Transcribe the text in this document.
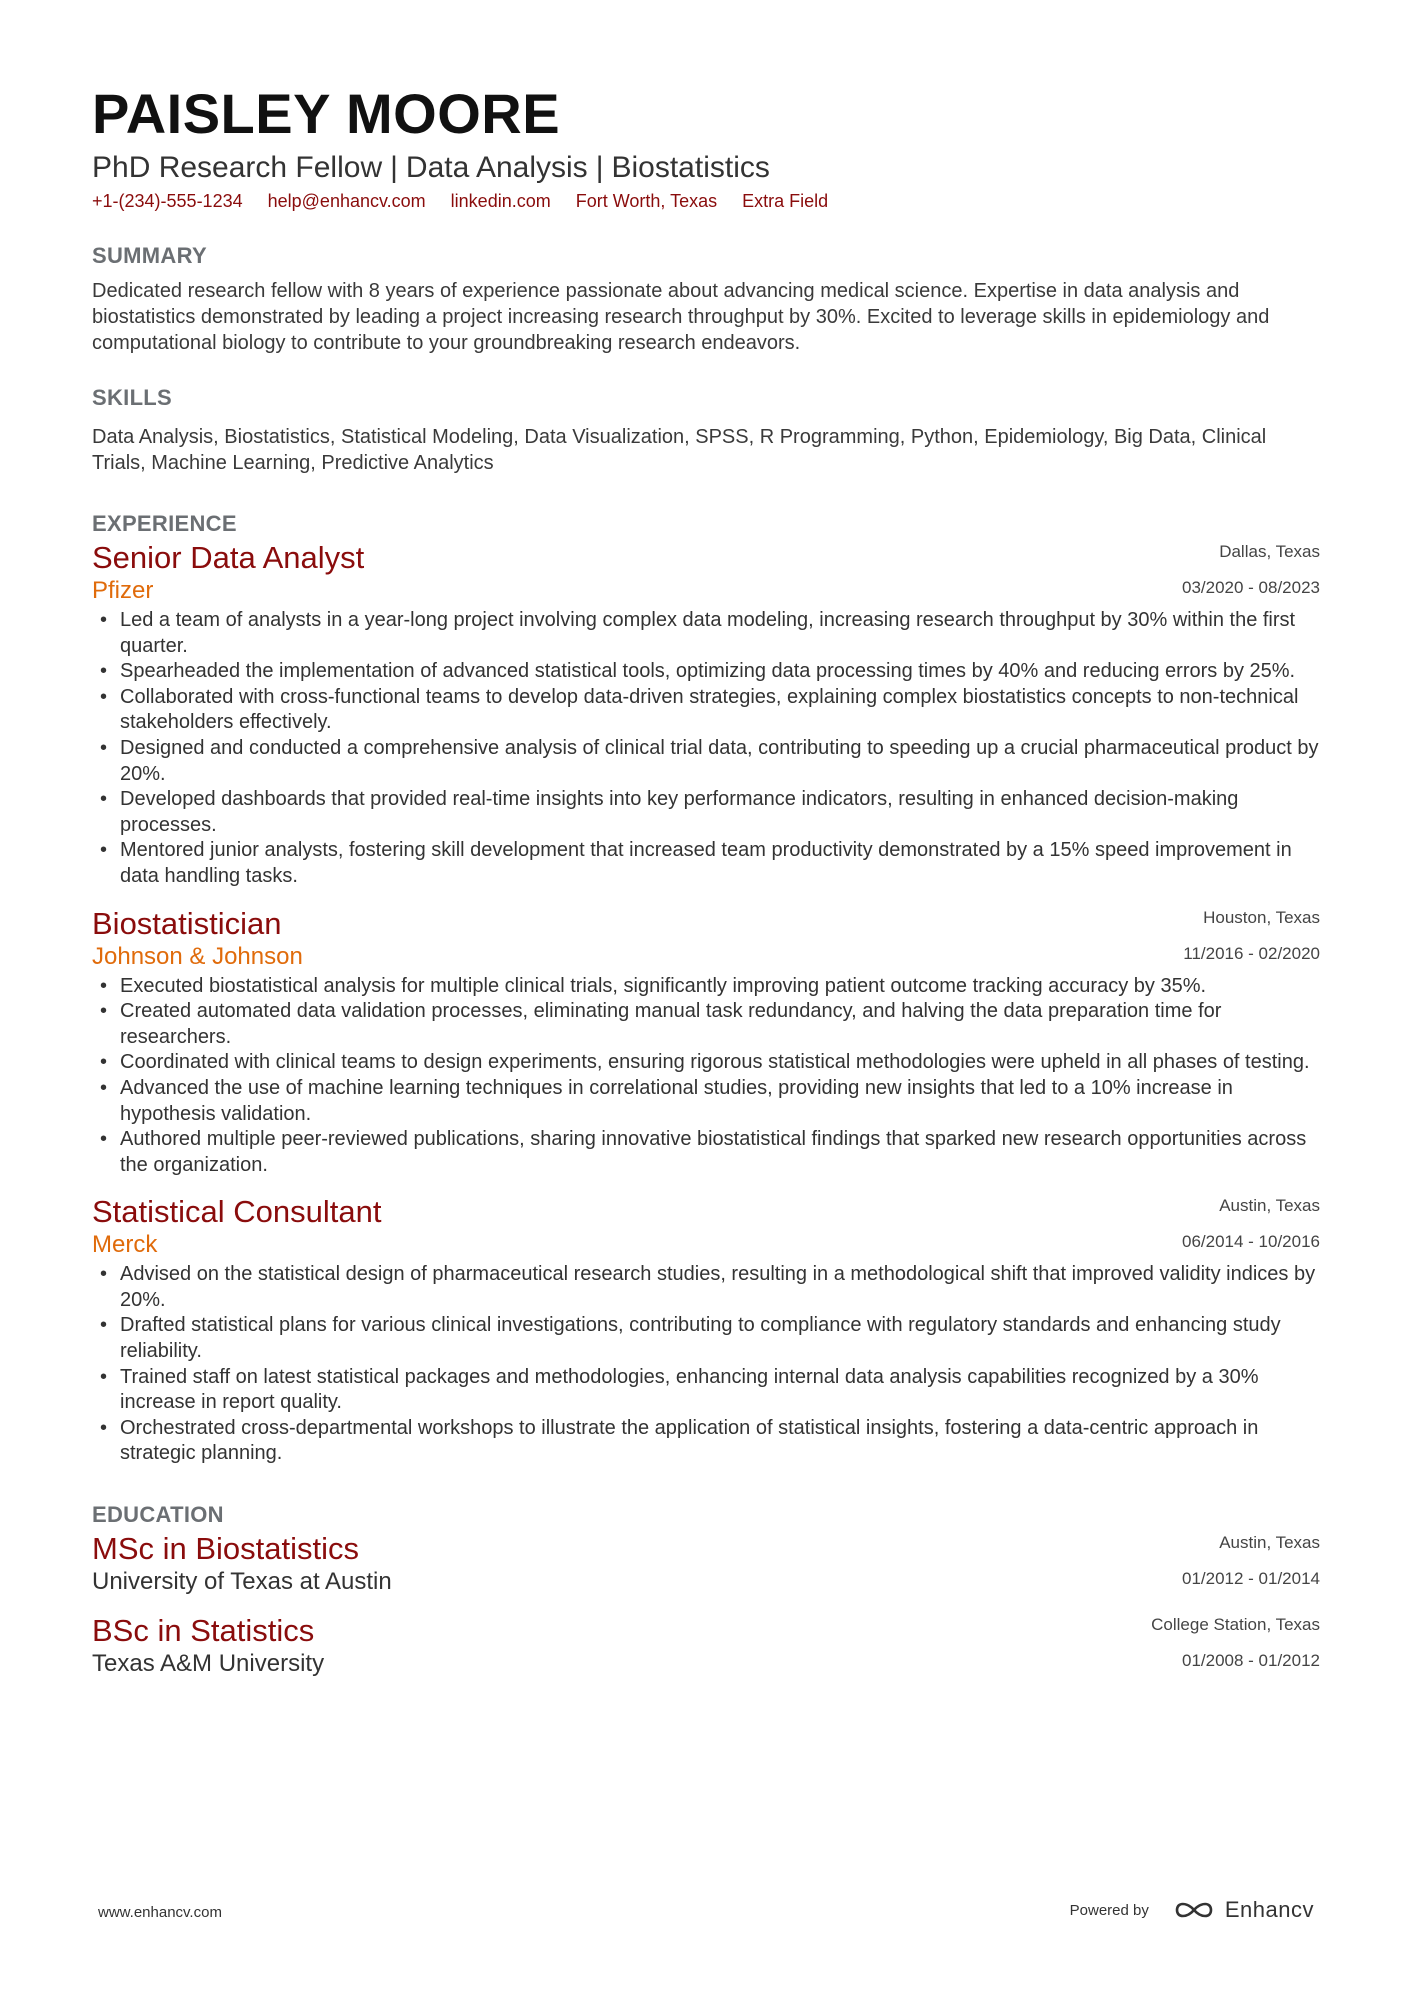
PAISLEY MOORE
PhD Research Fellow | Data Analysis | Biostatistics
+1-(234)-555-1234 help@enhancv.com linkedin.com Fort Worth, Texas Extra Field
SUMMARY
Dedicated research fellow with 8 years of experience passionate about advancing medical science. Expertise in data analysis and biostatistics demonstrated by leading a project increasing research throughput by 30%. Excited to leverage skills in epidemiology and computational biology to contribute to your groundbreaking research endeavors.
SKILLS
Data Analysis, Biostatistics, Statistical Modeling, Data Visualization, SPSS, R Programming, Python, Epidemiology, Big Data, Clinical Trials, Machine Learning, Predictive Analytics
EXPERIENCE
Senior Data Analyst
Pfizer
Dallas, Texas
03/2020 - 08/2023
• Led a team of analysts in a year-long project involving complex data modeling, increasing research throughput by 30% within the first quarter.
• Spearheaded the implementation of advanced statistical tools, optimizing data processing times by 40% and reducing errors by 25%.
• Collaborated with cross-functional teams to develop data-driven strategies, explaining complex biostatistics concepts to non-technical stakeholders effectively.
• Designed and conducted a comprehensive analysis of clinical trial data, contributing to speeding up a crucial pharmaceutical product by 20%.
• Developed dashboards that provided real-time insights into key performance indicators, resulting in enhanced decision-making processes.
• Mentored junior analysts, fostering skill development that increased team productivity demonstrated by a 15% speed improvement in data handling tasks.
Biostatistician
Johnson & Johnson
Houston, Texas
11/2016 - 02/2020
• Executed biostatistical analysis for multiple clinical trials, significantly improving patient outcome tracking accuracy by 35%.
• Created automated data validation processes, eliminating manual task redundancy, and halving the data preparation time for researchers.
• Coordinated with clinical teams to design experiments, ensuring rigorous statistical methodologies were upheld in all phases of testing.
• Advanced the use of machine learning techniques in correlational studies, providing new insights that led to a 10% increase in hypothesis validation.
• Authored multiple peer-reviewed publications, sharing innovative biostatistical findings that sparked new research opportunities across the organization.
Statistical Consultant
Merck
Austin, Texas
06/2014 - 10/2016
• Advised on the statistical design of pharmaceutical research studies, resulting in a methodological shift that improved validity indices by 20%.
• Drafted statistical plans for various clinical investigations, contributing to compliance with regulatory standards and enhancing study reliability.
• Trained staff on latest statistical packages and methodologies, enhancing internal data analysis capabilities recognized by a 30% increase in report quality.
• Orchestrated cross-departmental workshops to illustrate the application of statistical insights, fostering a data-centric approach in strategic planning.
EDUCATION
MSc in Biostatistics
University of Texas at Austin
Austin, Texas
01/2012 - 01/2014
BSc in Statistics
Texas A&M University
College Station, Texas
01/2008 - 01/2012
www.enhancv.com	Powered by	Enhancv
